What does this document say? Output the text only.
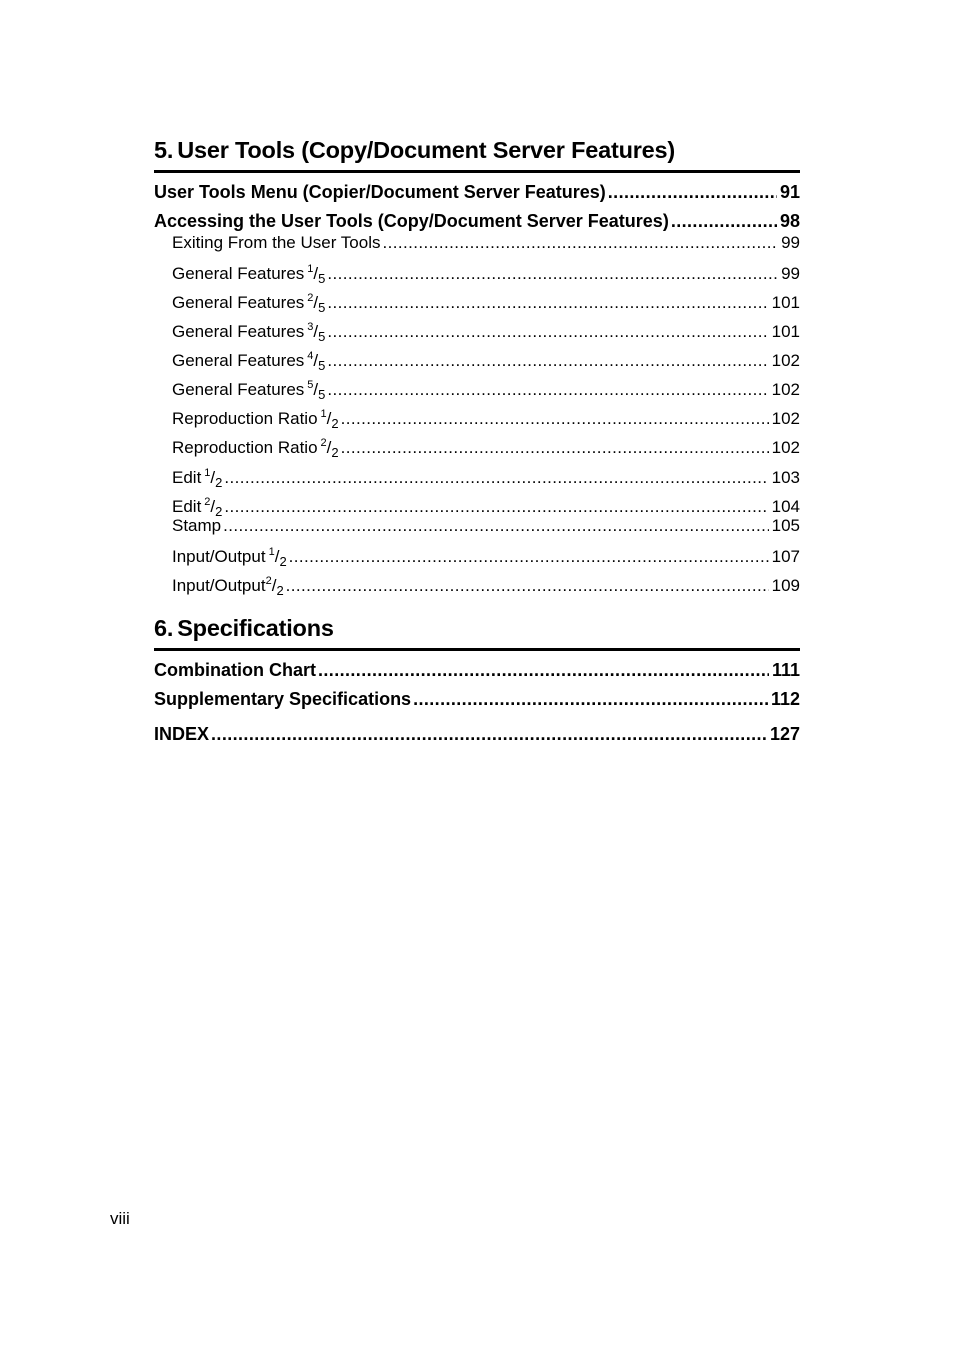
5. User Tools (Copy/Document Server Features)
User Tools Menu (Copier/Document Server Features) .....	91
Accessing the User Tools (Copy/Document Server Features) .....	98
Exiting From the User Tools .....	99
General Features $^1/_5$ .....	99
General Features $^2/_5$ .....	101
General Features $^3/_5$ .....	101
General Features $^4/_5$ .....	102
General Features $^5/_5$ .....	102
Reproduction Ratio $^1/_2$ .....	102
Reproduction Ratio $^2/_2$ .....	102
Edit $^1/_2$ .....	103
Edit $^2/_2$ .....	104
Stamp .....	105
Input/Output $^1/_2$ .....	107
Input/$Output^2/_2$ .....	109
6. Specifications
Combination Chart .....	111
Supplementary Specifications .....	112
INDEX .....	127
viii
